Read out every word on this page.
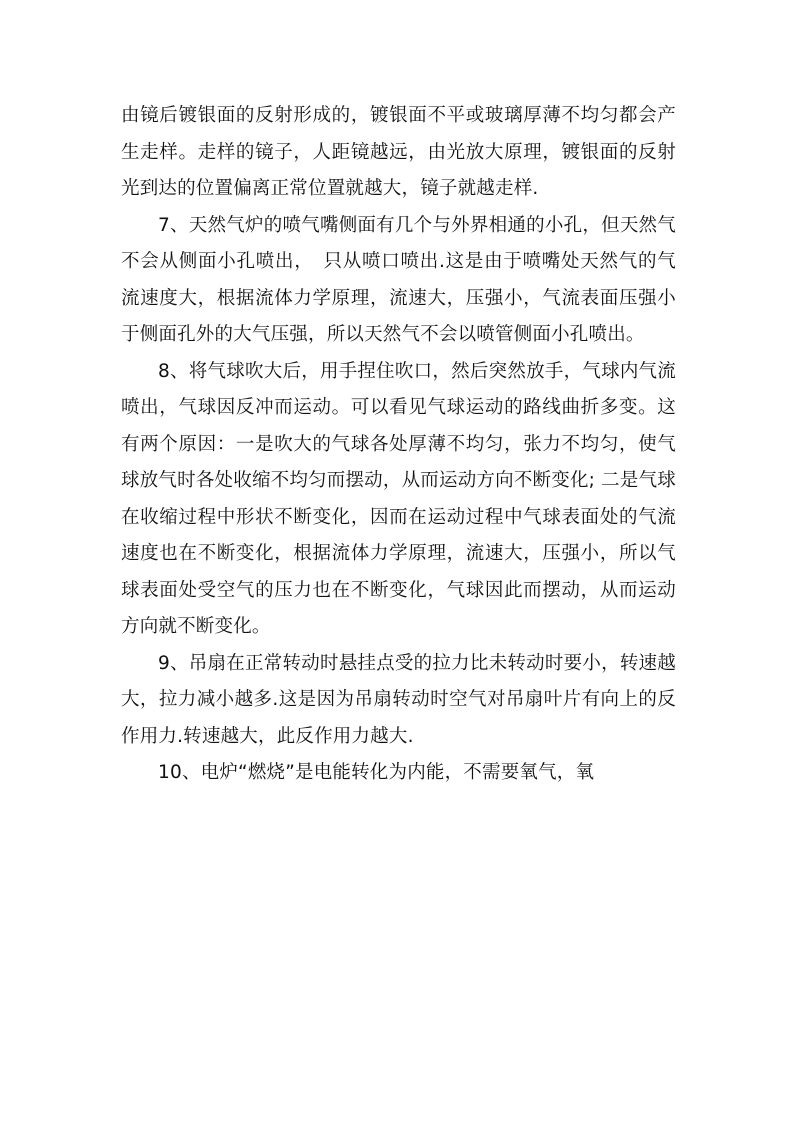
由镜后镀银面的反射形成的，镀银面不平或玻璃厚薄不均匀都会产生走样。走样的镜子，人距镜越远，由光放大原理，镀银面的反射光到达的位置偏离正常位置就越大，镜子就越走样.

7、天然气炉的喷气嘴侧面有几个与外界相通的小孔，但天然气不会从侧面小孔喷出，　只从喷口喷出.这是由于喷嘴处天然气的气流速度大，根据流体力学原理，流速大，压强小，气流表面压强小于侧面孔外的大气压强，所以天然气不会以喷管侧面小孔喷出。

8、将气球吹大后，用手捏住吹口，然后突然放手，气球内气流喷出，气球因反冲而运动。可以看见气球运动的路线曲折多变。这有两个原因：一是吹大的气球各处厚薄不均匀，张力不均匀，使气球放气时各处收缩不均匀而摆动，从而运动方向不断变化; 二是气球在收缩过程中形状不断变化，因而在运动过程中气球表面处的气流速度也在不断变化，根据流体力学原理，流速大，压强小，所以气球表面处受空气的压力也在不断变化，气球因此而摆动，从而运动方向就不断变化。

9、吊扇在正常转动时悬挂点受的拉力比未转动时要小，转速越大，拉力减小越多.这是因为吊扇转动时空气对吊扇叶片有向上的反作用力.转速越大，此反作用力越大.

10、电炉“燃烧”是电能转化为内能，不需要氧气，氧
